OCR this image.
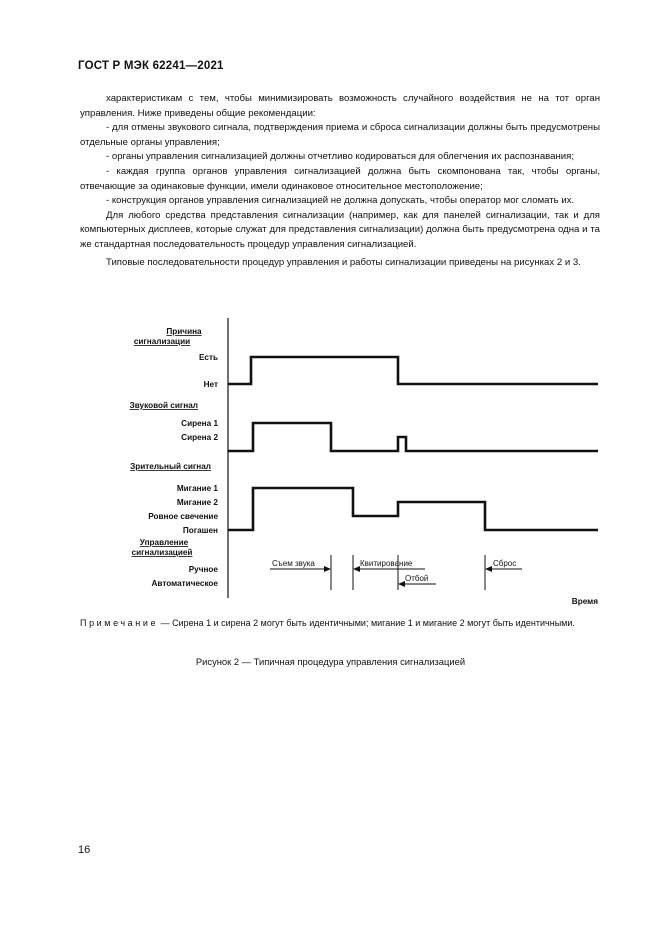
ГОСТ Р МЭК 62241—2021

характеристикам с тем, чтобы минимизировать возможность случайного воздействия не на тот орган управления. Ниже приведены общие рекомендации:

- для отмены звукового сигнала, подтверждения приема и сброса сигнализации должны быть предусмотрены отдельные органы управления;

- органы управления сигнализацией должны отчетливо кодироваться для облегчения их распознавания;

- каждая группа органов управления сигнализацией должна быть скомпонована так, чтобы органы, отвечающие за одинаковые функции, имели одинаковое относительное местоположение;

- конструкция органов управления сигнализацией не должна допускать, чтобы оператор мог сломать их.

Для любого средства представления сигнализации (например, как для панелей сигнализации, так и для компьютерных дисплеев, которые служат для представления сигнализации) должна быть предусмотрена одна и та же стандартная последовательность процедур управления сигнализацией.

Типовые последовательности процедур управления и работы сигнализации приведены на рисунках 2 и 3.

Причина
сигнализации
Есть
Нет
Звуковой сигнал
Сирена 1
Сирена 2
Зрительный сигнал
Мигание 1
Мигание 2
Ровное свечение
Погашен
Управление
сигнализацией
Ручное
Автоматическое
Время
Съем звука	Квитирование
Отбой
Сброс
Примечание — Сирена 1 и сирена 2 могут быть идентичными; мигание 1 и мигание 2 могут быть идентичными.
Рисунок 2 — Типичная процедура управления сигнализацией
16
